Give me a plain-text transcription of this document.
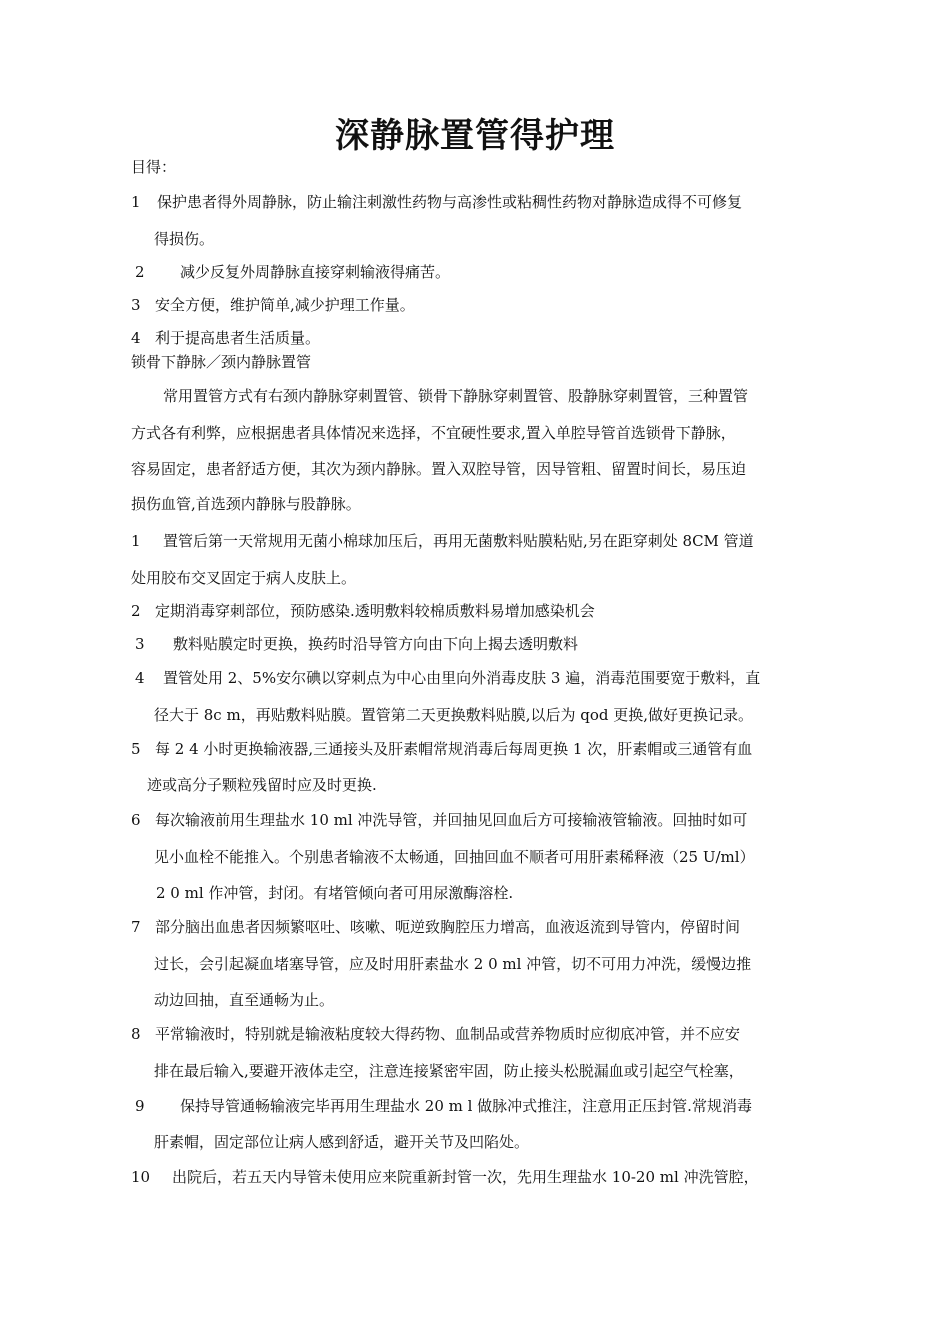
深静脉置管得护理
目得：
1 保护患者得外周静脉，防止输注刺激性药物与高渗性或粘稠性药物对静脉造成得不可修复
得损伤。
2 减少反复外周静脉直接穿刺输液得痛苦。
3 安全方便，维护简单,减少护理工作量。
4 利于提高患者生活质量。
锁骨下静脉／颈内静脉置管
常用置管方式有右颈内静脉穿刺置管、锁骨下静脉穿刺置管、股静脉穿刺置管，三种置管
方式各有利弊，应根据患者具体情况来选择，不宜硬性要求,置入单腔导管首选锁骨下静脉，
容易固定，患者舒适方便，其次为颈内静脉。置入双腔导管，因导管粗、留置时间长，易压迫
损伤血管,首选颈内静脉与股静脉。
1 置管后第一天常规用无菌小棉球加压后，再用无菌敷料贴膜粘贴,另在距穿刺处 8CM 管道
处用胶布交叉固定于病人皮肤上。
2 定期消毒穿刺部位，预防感染.透明敷料较棉质敷料易增加感染机会
3 敷料贴膜定时更换，换药时沿导管方向由下向上揭去透明敷料
4 置管处用 2、5%安尔碘以穿刺点为中心由里向外消毒皮肤 3 遍，消毒范围要宽于敷料，直
径大于 8c m，再贴敷料贴膜。置管第二天更换敷料贴膜,以后为 qod 更换,做好更换记录。
5 每 2 4 小时更换输液器,三通接头及肝素帽常规消毒后每周更换 1 次，肝素帽或三通管有血
迹或高分子颗粒残留时应及时更换.
6 每次输液前用生理盐水 10 ml 冲洗导管，并回抽见回血后方可接输液管输液。回抽时如可
见小血栓不能推入。个别患者输液不太畅通，回抽回血不顺者可用肝素稀释液（25 U/ml）
2 0 ml 作冲管，封闭。有堵管倾向者可用尿激酶溶栓.
7 部分脑出血患者因频繁呕吐、咳嗽、呃逆致胸腔压力增高，血液返流到导管内，停留时间
过长，会引起凝血堵塞导管，应及时用肝素盐水 2 0 ml 冲管，切不可用力冲洗，缓慢边推
动边回抽，直至通畅为止。
8 平常输液时，特别就是输液粘度较大得药物、血制品或营养物质时应彻底冲管，并不应安
排在最后输入,要避开液体走空，注意连接紧密牢固，防止接头松脱漏血或引起空气栓塞，
9 保持导管通畅输液完毕再用生理盐水 20 m l 做脉冲式推注，注意用正压封管.常规消毒
肝素帽，固定部位让病人感到舒适，避开关节及凹陷处。
10 出院后，若五天内导管未使用应来院重新封管一次，先用生理盐水 10-20 ml 冲洗管腔，
